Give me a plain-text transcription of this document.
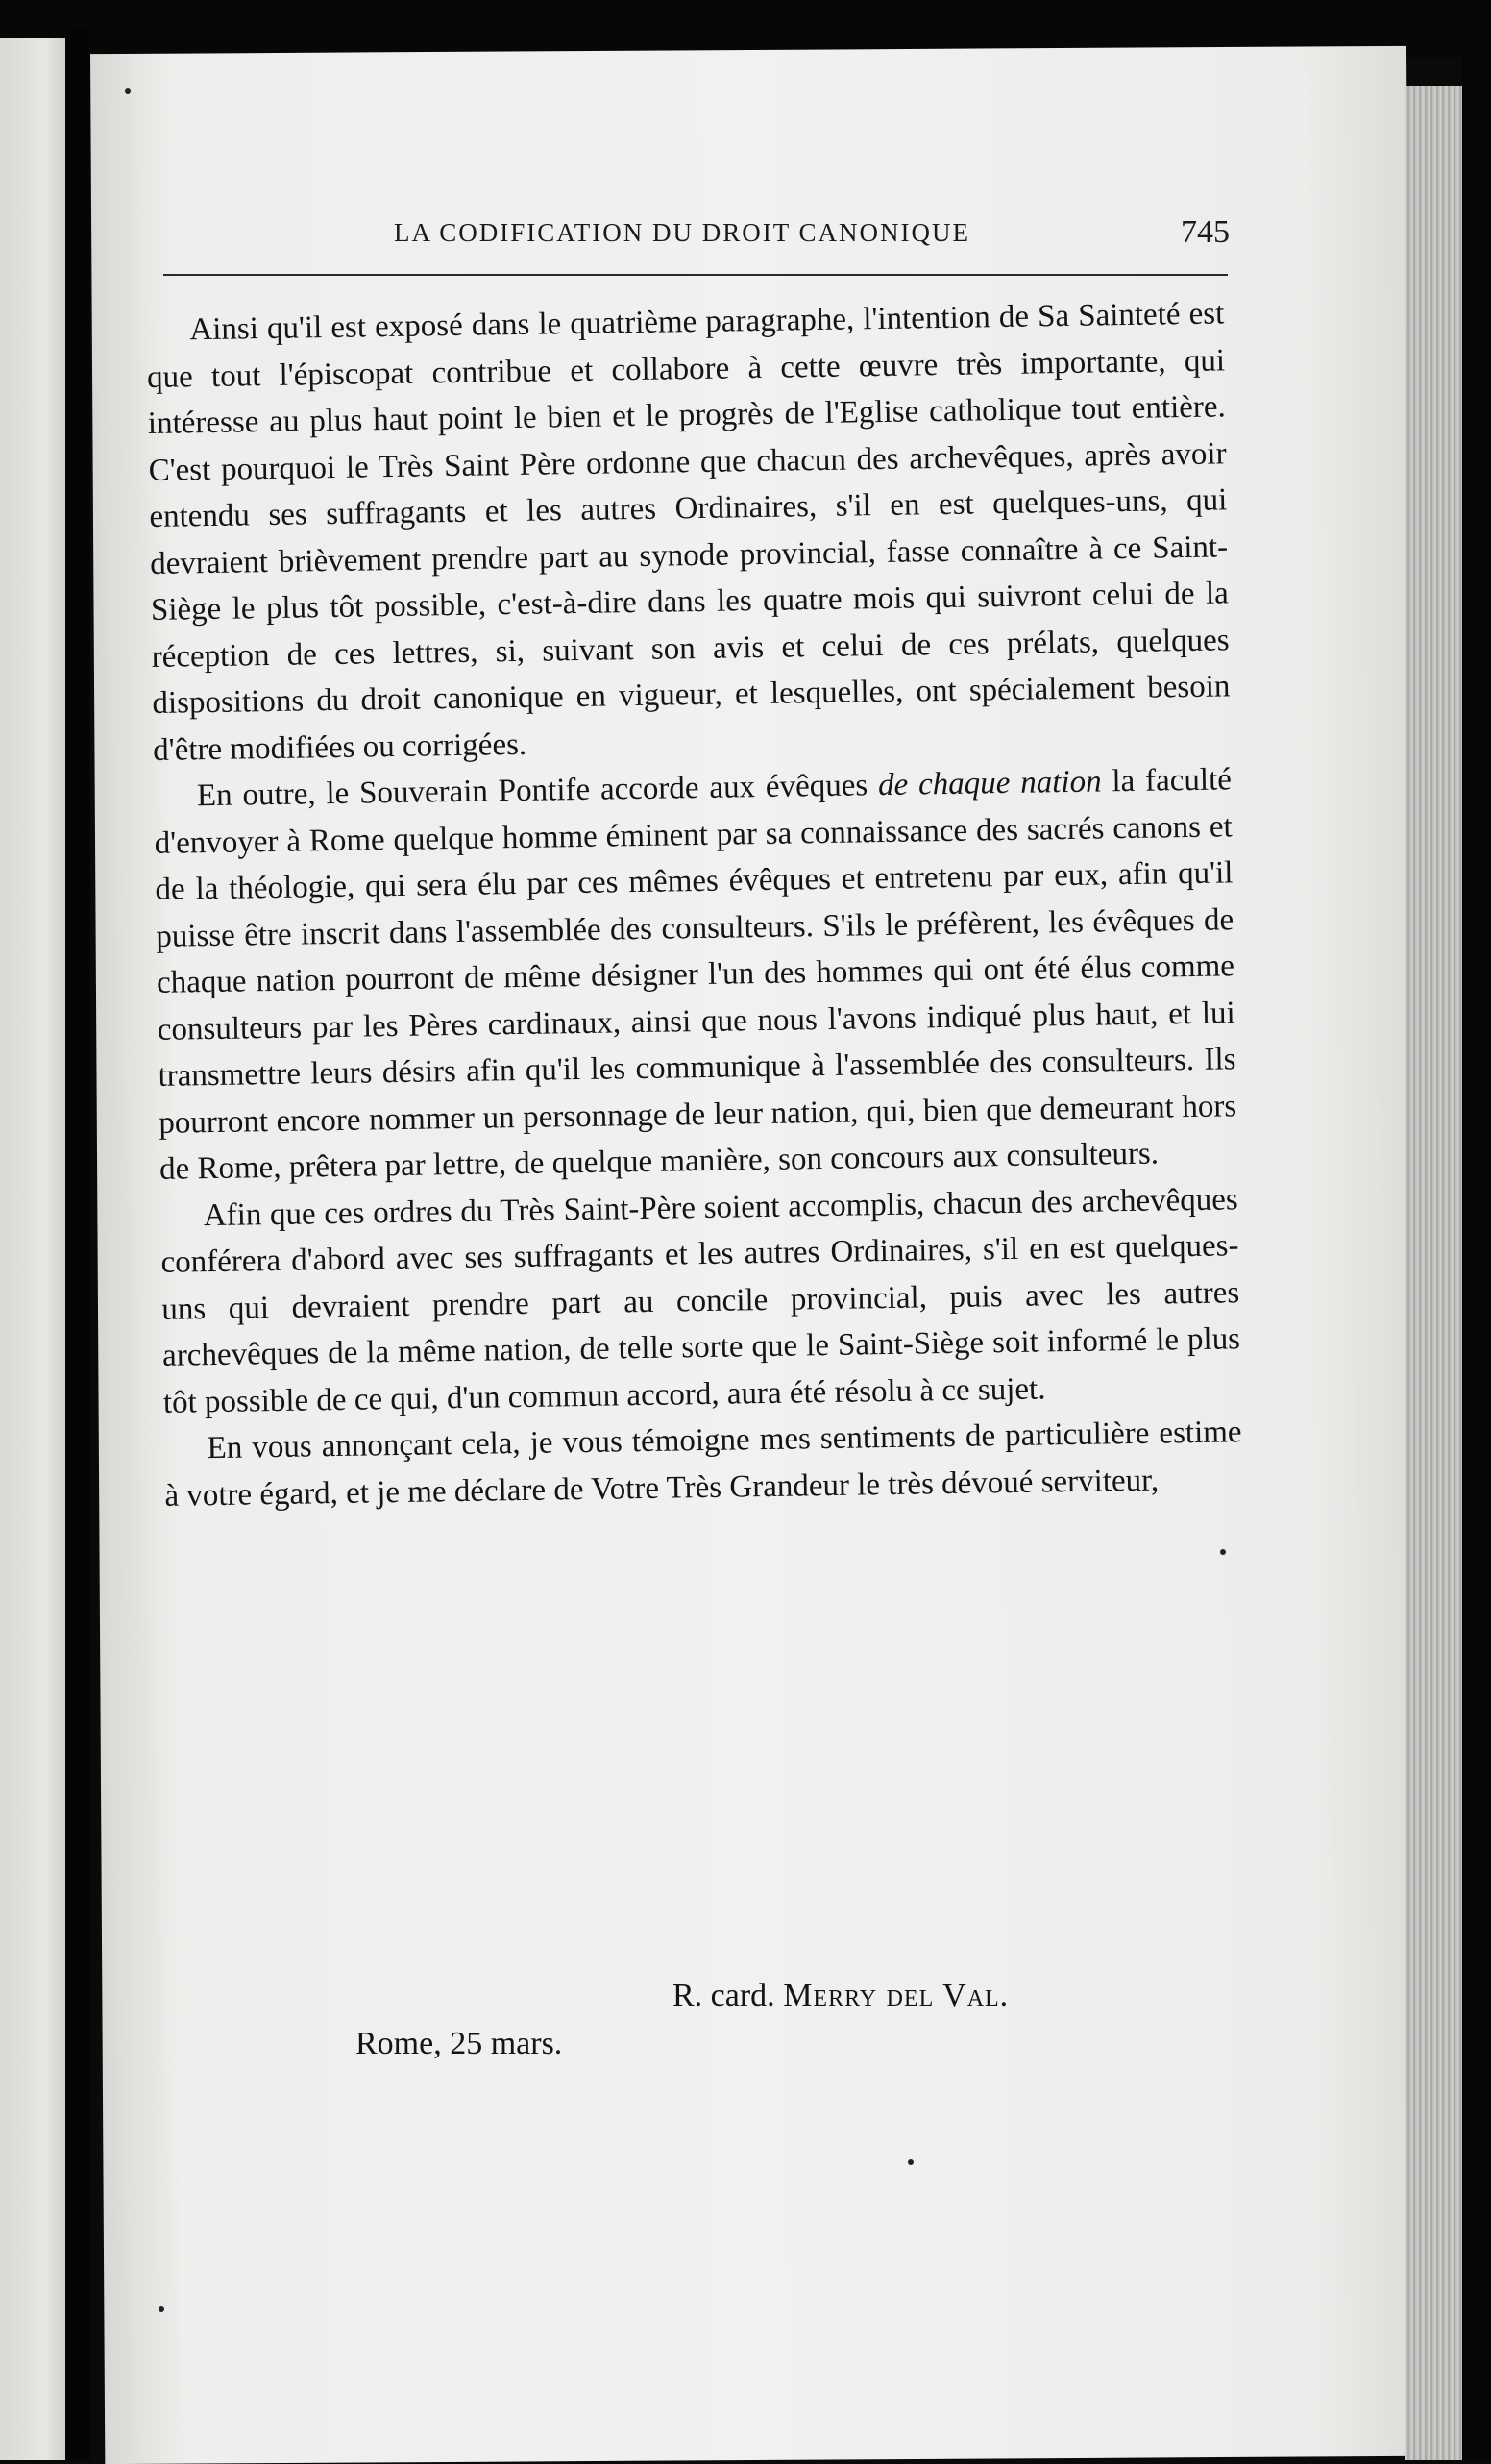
LA CODIFICATION DU DROIT CANONIQUE	745

Ainsi qu'il est exposé dans le quatrième paragraphe, l'intention de Sa Sainteté est que tout l'épiscopat contribue et collabore à cette œuvre très importante, qui intéresse au plus haut point le bien et le progrès de l'Eglise catholique tout entière. C'est pourquoi le Très Saint Père ordonne que chacun des archevêques, après avoir entendu ses suffragants et les autres Ordinaires, s'il en est quelques-uns, qui devraient brièvement prendre part au synode provincial, fasse connaître à ce Saint-Siège le plus tôt possible, c'est-à-dire dans les quatre mois qui suivront celui de la réception de ces lettres, si, suivant son avis et celui de ces prélats, quelques dispositions du droit canonique en vigueur, et lesquelles, ont spécialement besoin d'être modifiées ou corrigées.

En outre, le Souverain Pontife accorde aux évêques de chaque nation la faculté d'envoyer à Rome quelque homme éminent par sa connaissance des sacrés canons et de la théologie, qui sera élu par ces mêmes évêques et entretenu par eux, afin qu'il puisse être inscrit dans l'assemblée des consulteurs. S'ils le préfèrent, les évêques de chaque nation pourront de même désigner l'un des hommes qui ont été élus comme consulteurs par les Pères cardinaux, ainsi que nous l'avons indiqué plus haut, et lui transmettre leurs désirs afin qu'il les communique à l'assemblée des consulteurs. Ils pourront encore nommer un personnage de leur nation, qui, bien que demeurant hors de Rome, prêtera par lettre, de quelque manière, son concours aux consulteurs.

Afin que ces ordres du Très Saint-Père soient accomplis, chacun des archevêques conférera d'abord avec ses suffragants et les autres Ordinaires, s'il en est quelques-uns qui devraient prendre part au concile provincial, puis avec les autres archevêques de la même nation, de telle sorte que le Saint-Siège soit informé le plus tôt possible de ce qui, d'un commun accord, aura été résolu à ce sujet.

En vous annonçant cela, je vous témoigne mes sentiments de particulière estime à votre égard, et je me déclare de Votre Très Grandeur le très dévoué serviteur,

R. card. Merry del Val.
Rome, 25 mars.
